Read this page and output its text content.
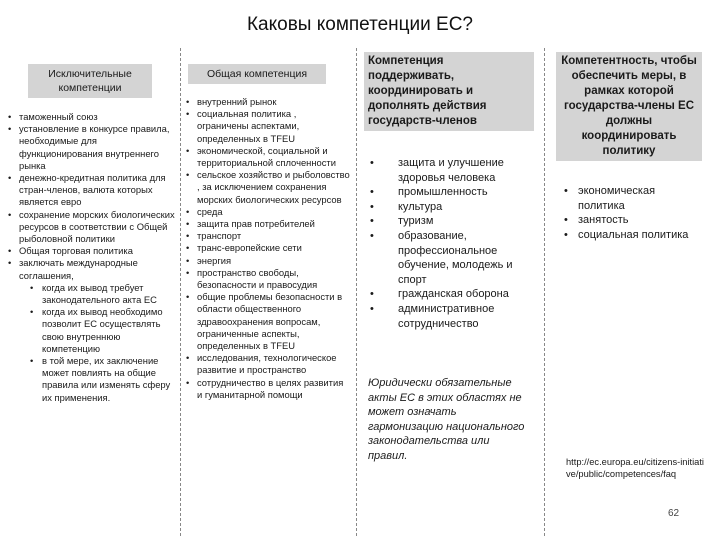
Каковы компетенции ЕС?
Исключительные компетенции
• таможенный союз
• установление в конкурсе правила, необходимые для функционирования внутреннего рынка
• денежно-кредитная политика для стран-членов, валюта которых является евро
• сохранение морских биологических ресурсов в соответствии с Общей рыболовной политики
• Общая торговая политика
• заключать международные соглашения,
• когда их вывод требует законодательного акта ЕС
• когда их вывод необходимо позволит ЕС осуществлять свою внутреннюю компетенцию
• в той мере, их заключение может повлиять на общие правила или изменять сферу их применения.
Общая компетенция
• внутренний рынок
• социальная политика , ограничены аспектами, определенных в TFEU
• экономической, социальной и территориальной сплоченности
• сельское хозяйство и рыболовство , за исключением сохранения морских биологических ресурсов
• среда
• защита прав потребителей
• транспорт
• транс-европейские сети
• энергия
• пространство свободы, безопасности и правосудия
• общие проблемы безопасности в области общественного здравоохранения вопросам, ограниченные аспекты, определенных в TFEU
• исследования, технологическое развитие и пространство
• сотрудничество в целях развития и гуманитарной помощи
Компетенция поддерживать, координировать и дополнять действия государств-членов
• защита и улучшение здоровья человека
• промышленность
• культура
• туризм
• образование, профессиональное обучение, молодежь и спорт
• гражданская оборона
• административное сотрудничество
Юридически обязательные акты ЕС в этих областях не может означать гармонизацию национального законодательства или правил.
Компетентность, чтобы обеспечить меры, в рамках которой государства-члены ЕС должны координировать политику
• экономическая политика
• занятость
• социальная политика
http://ec.europa.eu/citizens-initiative/public/competences/faq
62
